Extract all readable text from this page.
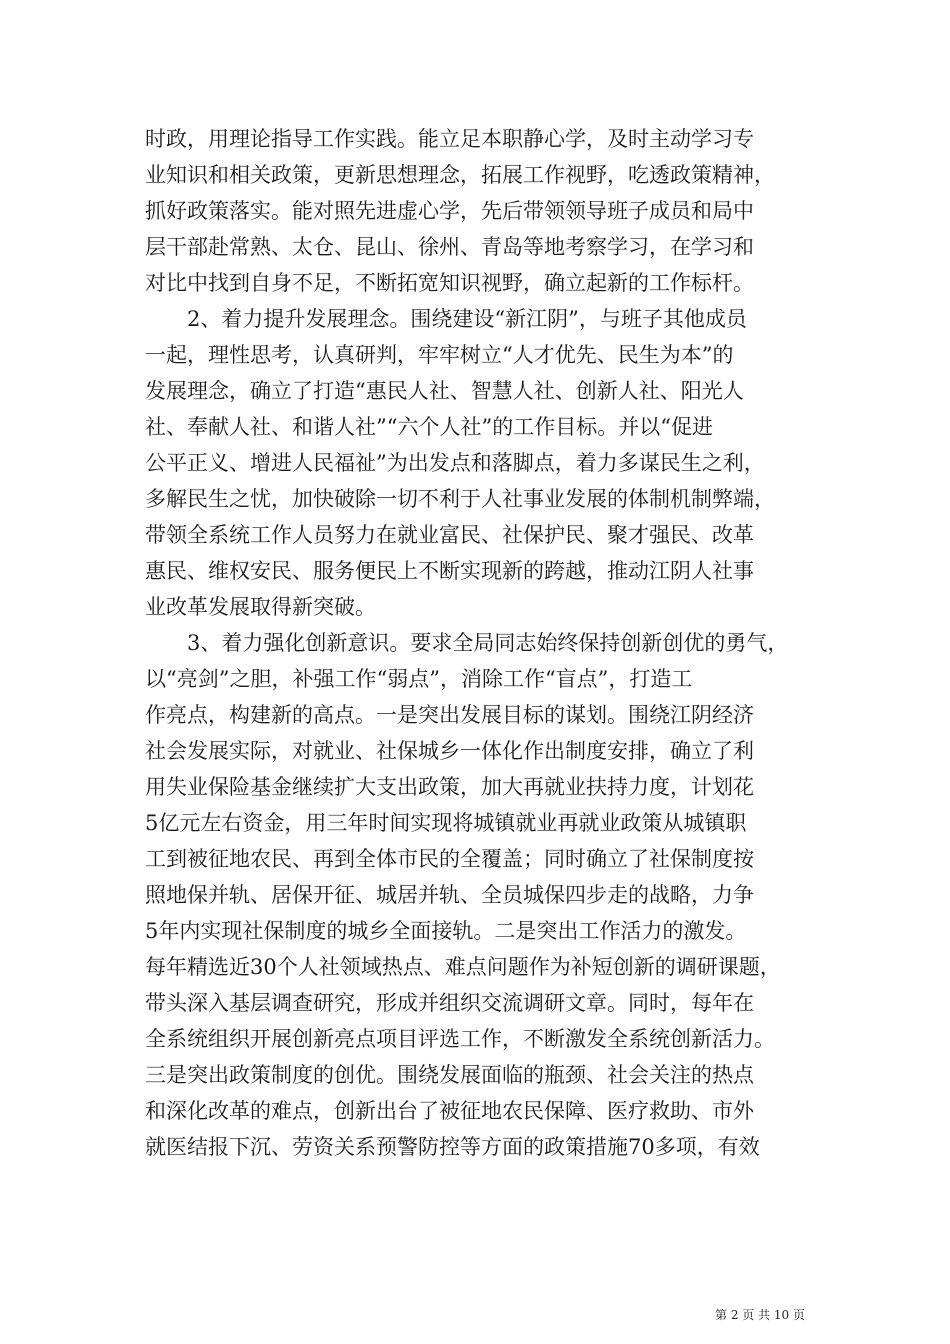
时政，用理论指导工作实践。能立足本职静心学，及时主动学习专
业知识和相关政策，更新思想理念，拓展工作视野，吃透政策精神，
抓好政策落实。能对照先进虚心学，先后带领领导班子成员和局中
层干部赴常熟、太仓、昆山、徐州、青岛等地考察学习，在学习和
对比中找到自身不足，不断拓宽知识视野，确立起新的工作标杆。
　　2、着力提升发展理念。围绕建设“新江阴”，与班子其他成员
一起，理性思考，认真研判，牢牢树立“人才优先、民生为本”的
发展理念，确立了打造“惠民人社、智慧人社、创新人社、阳光人
社、奉献人社、和谐人社”“六个人社”的工作目标。并以“促进
公平正义、增进人民福祉”为出发点和落脚点，着力多谋民生之利，
多解民生之忧，加快破除一切不利于人社事业发展的体制机制弊端，
带领全系统工作人员努力在就业富民、社保护民、聚才强民、改革
惠民、维权安民、服务便民上不断实现新的跨越，推动江阴人社事
业改革发展取得新突破。
　　3、着力强化创新意识。要求全局同志始终保持创新创优的勇气，
以“亮剑”之胆，补强工作“弱点”，消除工作“盲点”，打造工
作亮点，构建新的高点。一是突出发展目标的谋划。围绕江阴经济
社会发展实际，对就业、社保城乡一体化作出制度安排，确立了利
用失业保险基金继续扩大支出政策，加大再就业扶持力度，计划花
5亿元左右资金，用三年时间实现将城镇就业再就业政策从城镇职
工到被征地农民、再到全体市民的全覆盖；同时确立了社保制度按
照地保并轨、居保开征、城居并轨、全员城保四步走的战略，力争
5年内实现社保制度的城乡全面接轨。二是突出工作活力的激发。
每年精选近30个人社领域热点、难点问题作为补短创新的调研课题，
带头深入基层调查研究，形成并组织交流调研文章。同时，每年在
全系统组织开展创新亮点项目评选工作，不断激发全系统创新活力。
三是突出政策制度的创优。围绕发展面临的瓶颈、社会关注的热点
和深化改革的难点，创新出台了被征地农民保障、医疗救助、市外
就医结报下沉、劳资关系预警防控等方面的政策措施70多项，有效
第 2 页 共 10 页
